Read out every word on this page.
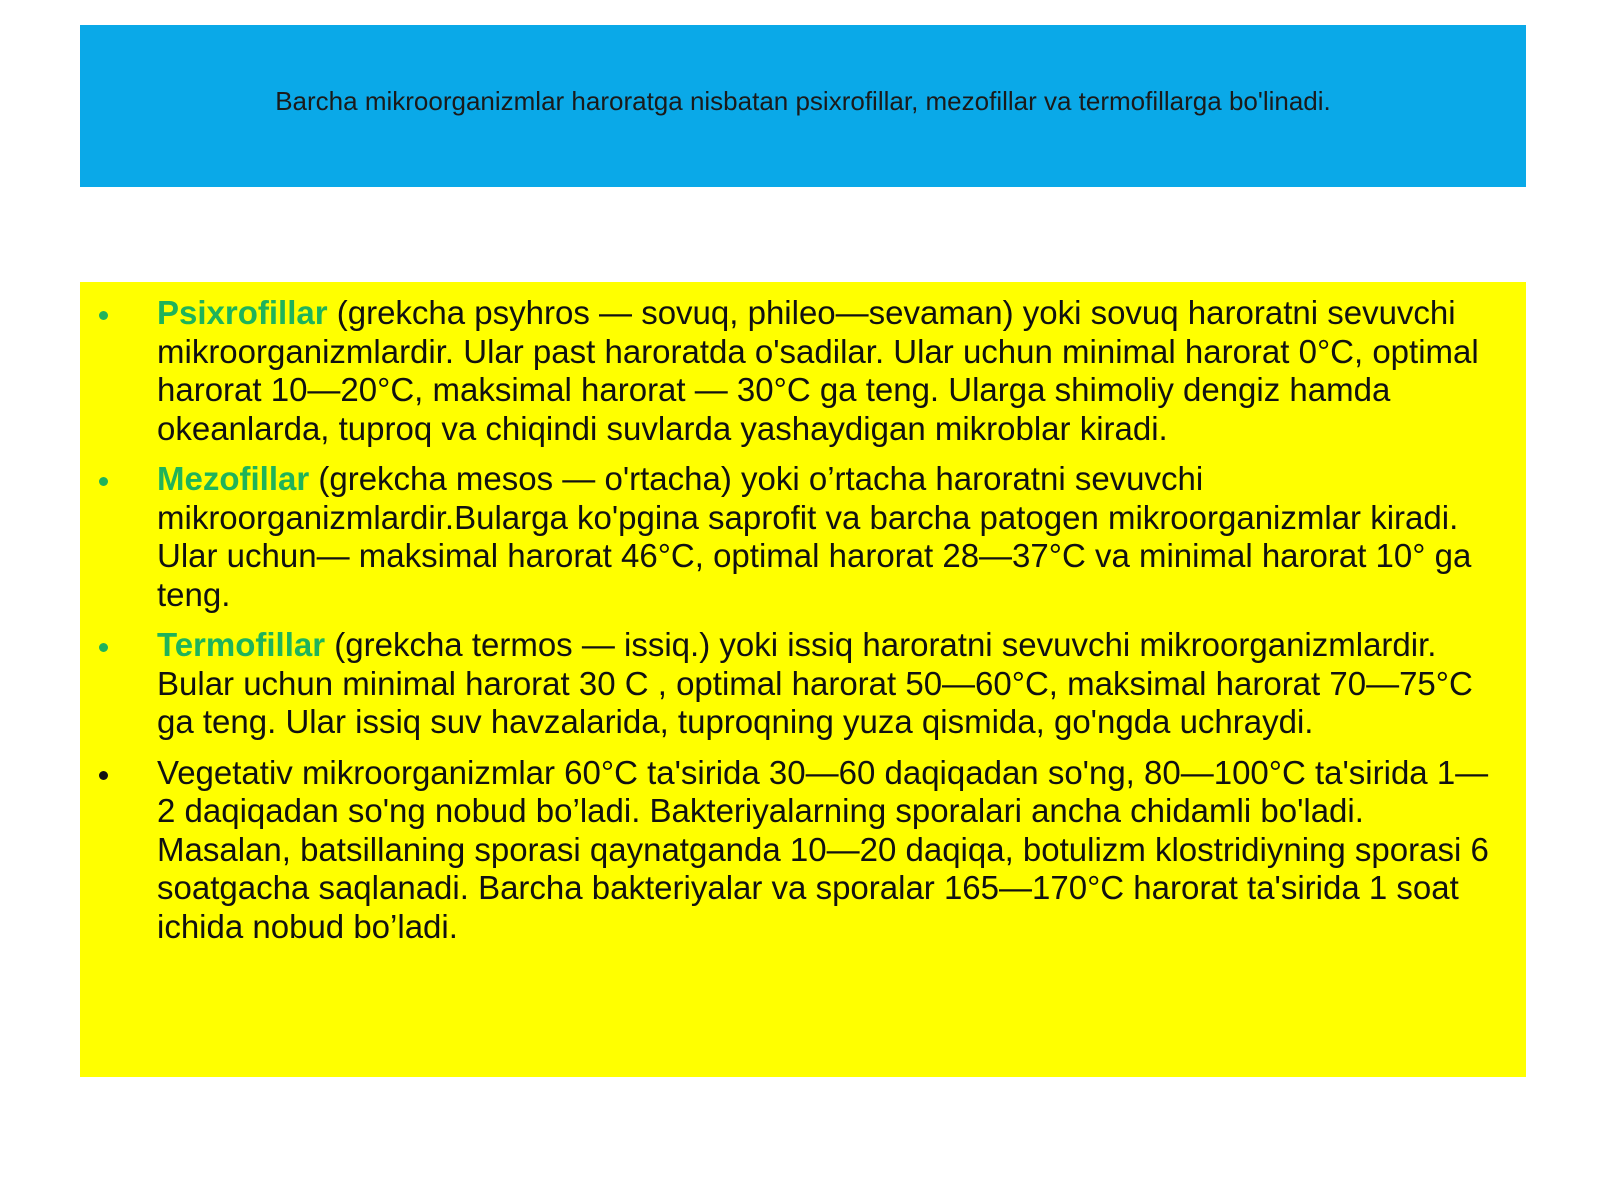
Barcha mikroorganizmlar haroratga nisbatan psixrofillar, mezofillar va termofillarga bo'linadi.
Psixrofillar (grekcha psyhros — sovuq, phileo—sevaman) yoki sovuq haroratni sevuvchi mikroorganizmlardir. Ular past haroratda o'sadilar. Ular uchun minimal harorat 0°C, optimal harorat 10—20°C, maksimal harorat — 30°C ga teng. Ularga shimoliy dengiz hamda okeanlarda, tuproq va chiqindi suvlarda yashaydigan mikroblar kiradi.
Mezofillar (grekcha mesos — o'rtacha) yoki o’rtacha haroratni sevuvchi mikroorganizmlardir.Bularga ko'pgina saprofit va barcha patogen mikroorganizmlar kiradi. Ular uchun— maksimal harorat 46°C, optimal harorat 28—37°C va minimal harorat 10° ga teng.
Termofillar (grekcha termos — issiq.) yoki issiq haroratni sevuvchi mikroorganizmlardir. Bular uchun minimal harorat 30 C , optimal harorat 50—60°C, maksimal harorat 70—75°C ga teng. Ular issiq suv havzalarida, tuproqning yuza qismida, go'ngda uchraydi.
Vegetativ mikroorganizmlar 60°C ta'sirida 30—60 daqiqadan so'ng, 80—100°C ta'sirida 1—2 daqiqadan so'ng nobud bo’ladi. Bakteriyalarning sporalari ancha chidamli bo'ladi. Masalan, batsillaning sporasi qaynatganda 10—20 daqiqa, botulizm klostridiyning sporasi 6 soatgacha saqlanadi. Barcha bakteriyalar va sporalar 165—170°C harorat ta'sirida 1 soat ichida nobud bo’ladi.
